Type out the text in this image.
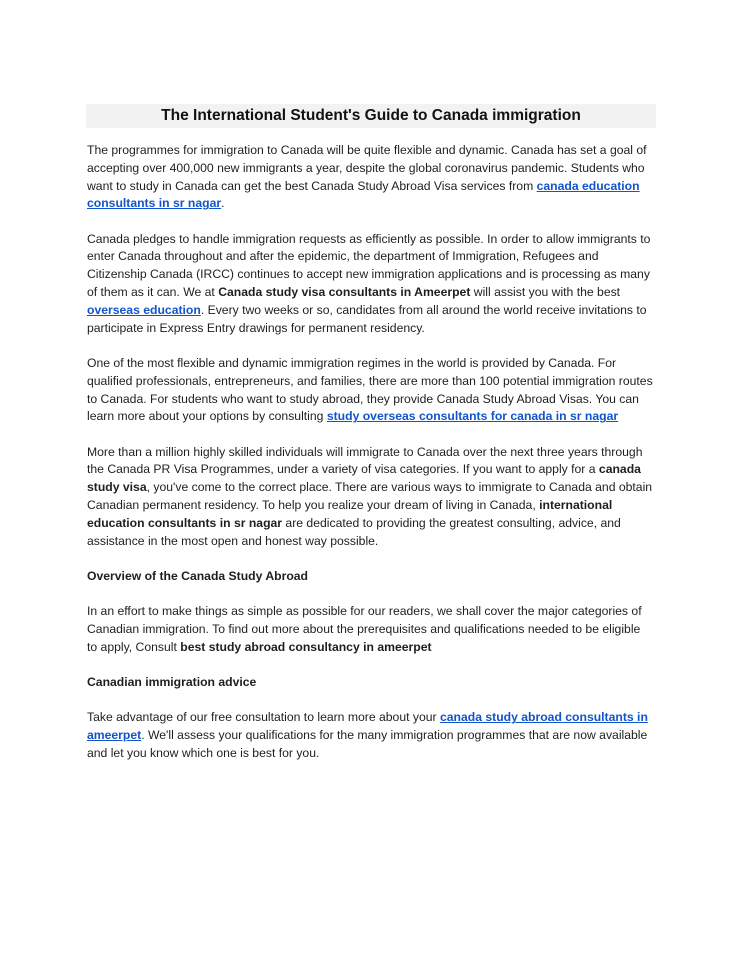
The International Student's Guide to Canada immigration

The programmes for immigration to Canada will be quite flexible and dynamic. Canada has set a goal of accepting over 400,000 new immigrants a year, despite the global coronavirus pandemic. Students who want to study in Canada can get the best Canada Study Abroad Visa services from canada education consultants in sr nagar.

Canada pledges to handle immigration requests as efficiently as possible. In order to allow immigrants to enter Canada throughout and after the epidemic, the department of Immigration, Refugees and Citizenship Canada (IRCC) continues to accept new immigration applications and is processing as many of them as it can. We at Canada study visa consultants in Ameerpet will assist you with the best overseas education. Every two weeks or so, candidates from all around the world receive invitations to participate in Express Entry drawings for permanent residency.

One of the most flexible and dynamic immigration regimes in the world is provided by Canada. For qualified professionals, entrepreneurs, and families, there are more than 100 potential immigration routes to Canada. For students who want to study abroad, they provide Canada Study Abroad Visas. You can learn more about your options by consulting study overseas consultants for canada in sr nagar

More than a million highly skilled individuals will immigrate to Canada over the next three years through the Canada PR Visa Programmes, under a variety of visa categories. If you want to apply for a canada study visa, you've come to the correct place. There are various ways to immigrate to Canada and obtain Canadian permanent residency. To help you realize your dream of living in Canada, international education consultants in sr nagar are dedicated to providing the greatest consulting, advice, and assistance in the most open and honest way possible.

Overview of the Canada Study Abroad

In an effort to make things as simple as possible for our readers, we shall cover the major categories of Canadian immigration. To find out more about the prerequisites and qualifications needed to be eligible to apply, Consult best study abroad consultancy in ameerpet

Canadian immigration advice

Take advantage of our free consultation to learn more about your canada study abroad consultants in ameerpet. We'll assess your qualifications for the many immigration programmes that are now available and let you know which one is best for you.
